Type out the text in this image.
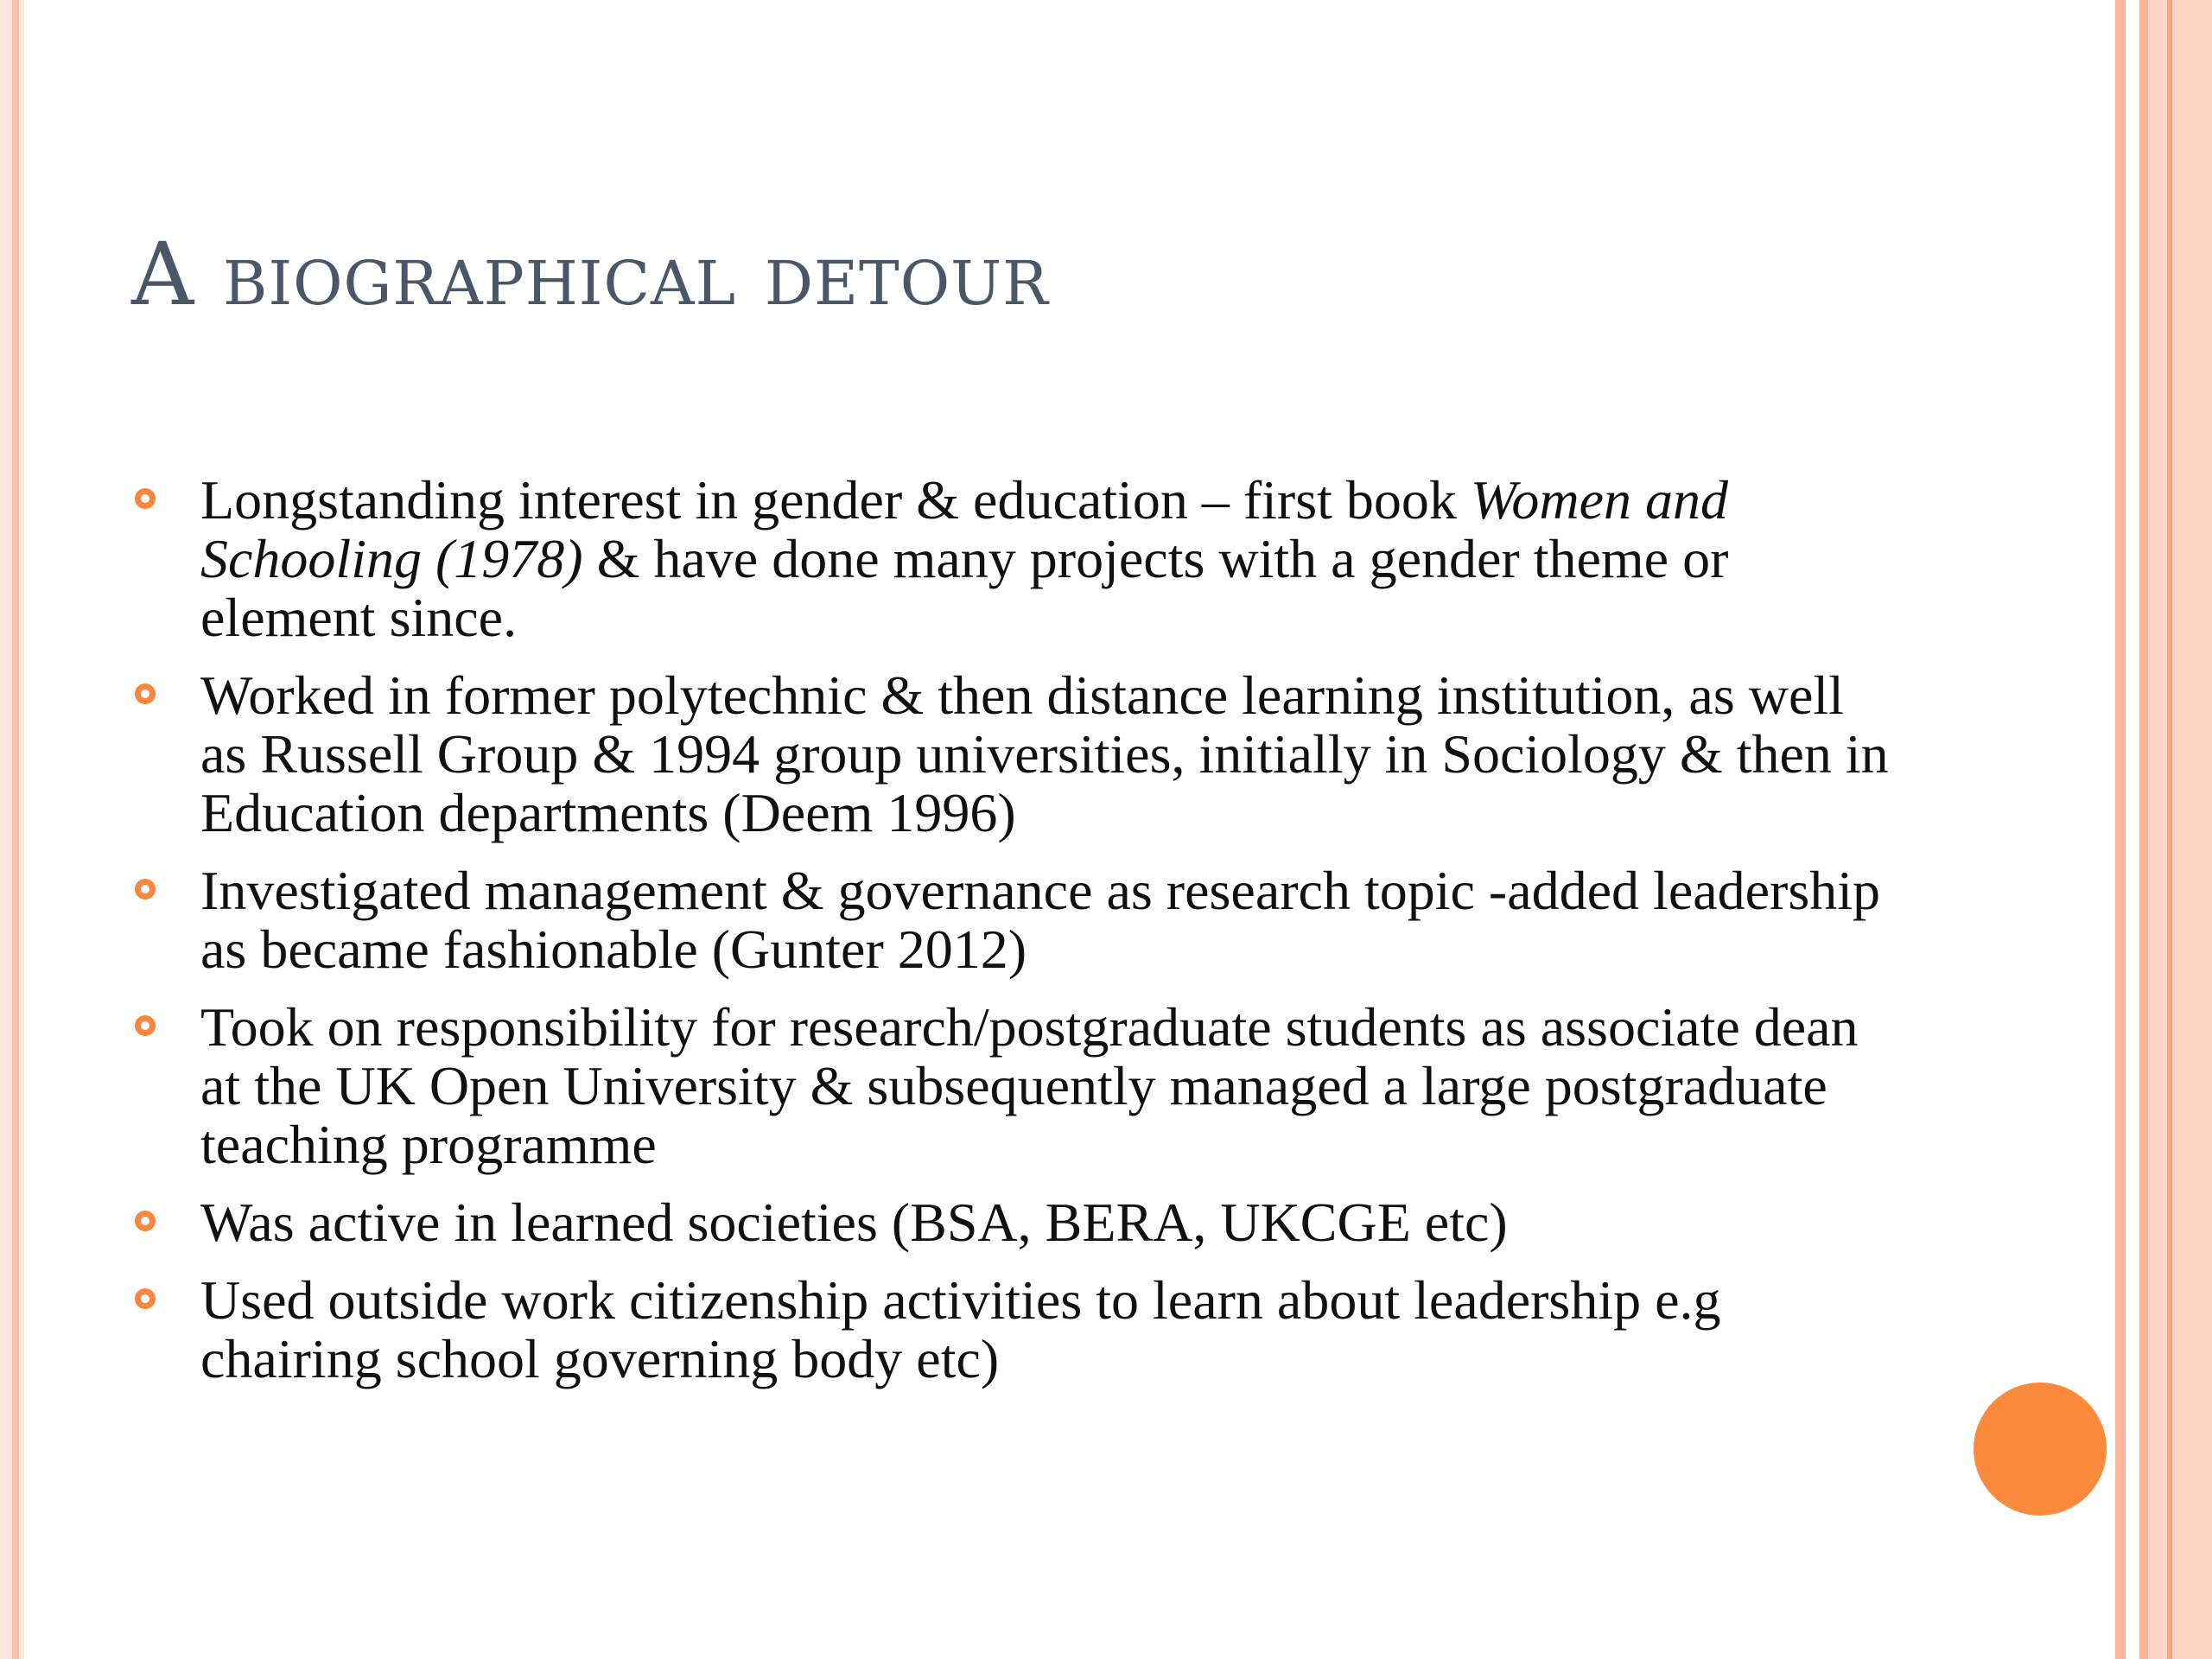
A biographical detour
Longstanding interest in gender & education – first book Women and Schooling (1978) & have done many projects with a gender theme or element since.
Worked in former polytechnic & then distance learning institution, as well as Russell Group & 1994 group universities, initially in Sociology & then in Education departments (Deem 1996)
Investigated management & governance as research topic -added leadership as became fashionable (Gunter 2012)
Took on responsibility for research/postgraduate students as associate dean at the UK Open University & subsequently managed a large postgraduate teaching programme
Was active in learned societies (BSA, BERA, UKCGE etc)
Used outside work citizenship activities to learn about leadership e.g chairing school governing body etc)
